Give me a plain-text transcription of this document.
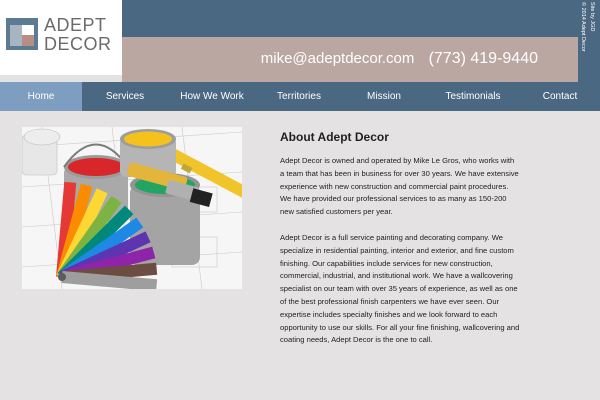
Site by JGD
© 2014 Adept Decor
ADEPT
DECOR
mike@adeptdecor.com (773) 419-9440
Home	Services	How We Work	Territories	Mission	Testimonials	Contact
About Adept Decor

Adept Decor is owned and operated by Mike Le Gros, who works with a team that has been in business for over 30 years. We have extensive experience with new construction and commercial paint procedures. We have provided our professional services to as many as 150-200 new satisfied customers per year.

Adept Decor is a full service painting and decorating company. We specialize in residential painting, interior and exterior, and fine custom finishing. Our capabilities include services for new construction, commercial, industrial, and institutional work. We have a wallcovering specialist on our team with over 35 years of experience, as well as one of the best professional finish carpenters we have ever seen. Our expertise includes specialty finishes and we look forward to each opportunity to use our skills. For all your fine finishing, wallcovering and coating needs, Adept Decor is the one to call.
